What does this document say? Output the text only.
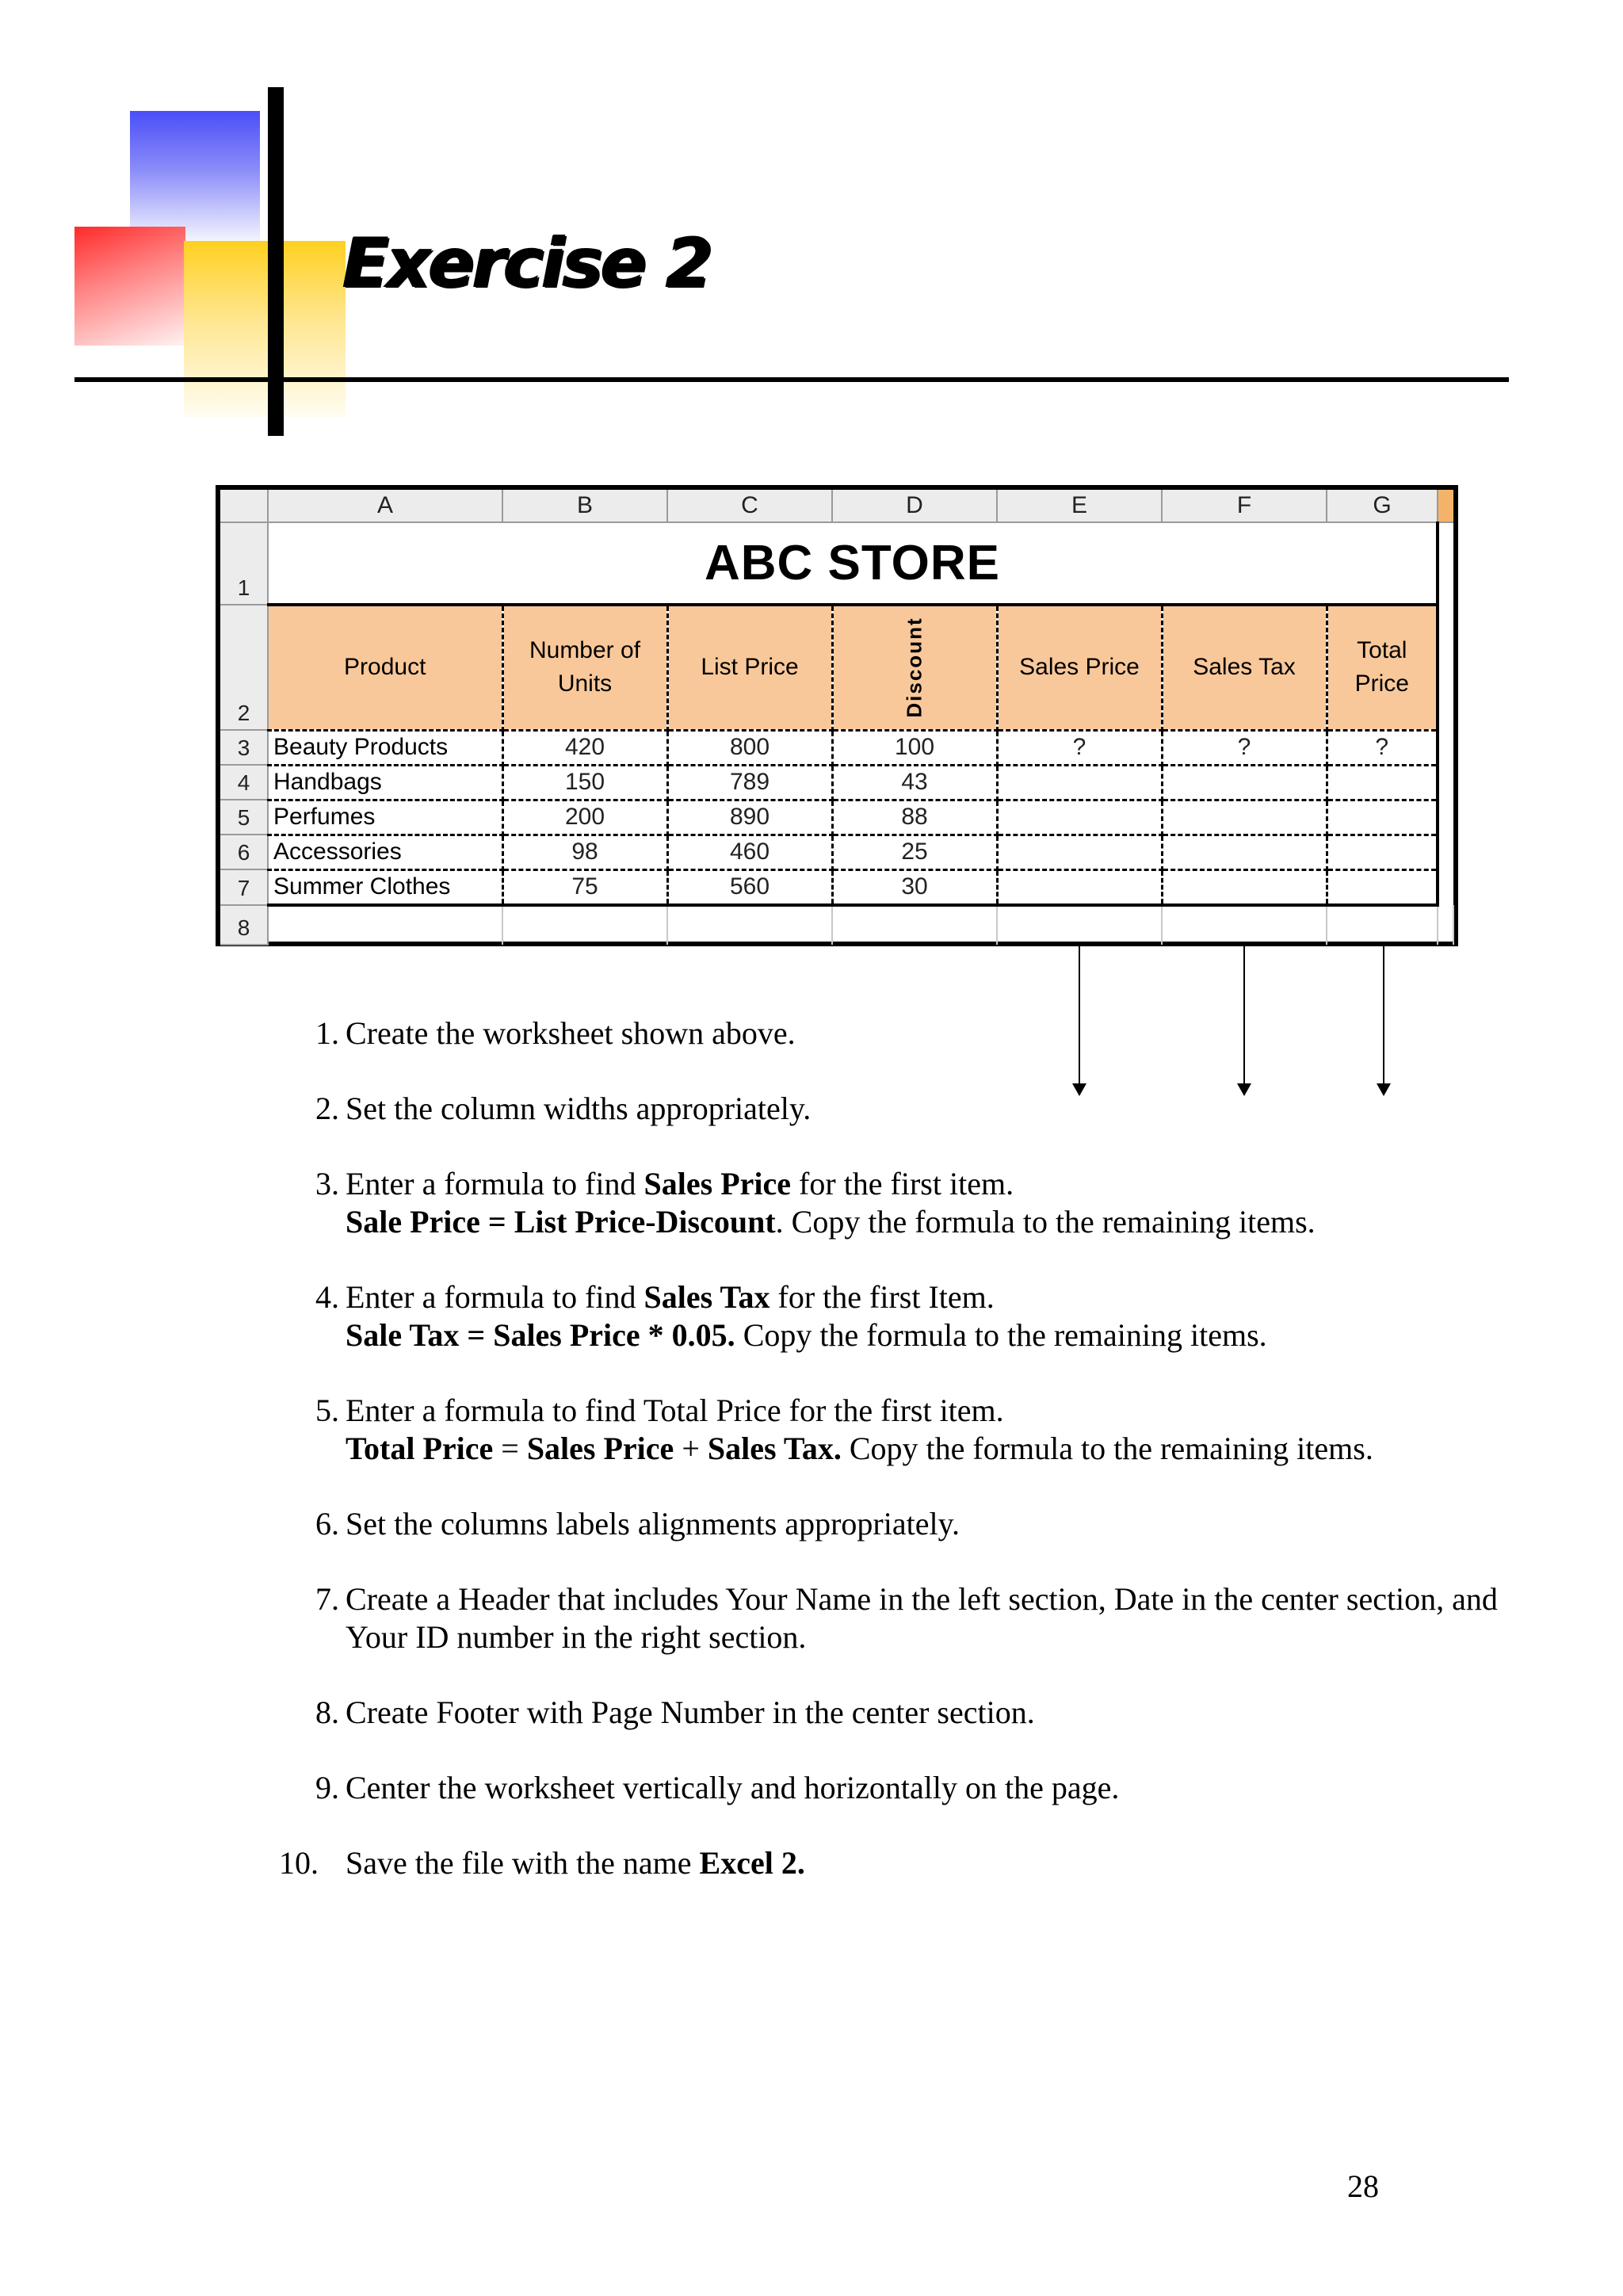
Exercise 2
	A	B	C	D	E	F	G	
1	ABC STORE							
2	Product	Number of Units	List Price	Discount	Sales Price	Sales Tax	Total Price	
3	Beauty Products	420	800	100	?	?	?	
4	Handbags	150	789	43				
5	Perfumes	200	890	88				
6	Accessories	98	460	25				
7	Summer Clothes	75	560	30				
8								
1. Create the worksheet shown above.
2. Set the column widths appropriately.
3. Enter a formula to find Sales Price for the first item.
Sale Price = List Price-Discount. Copy the formula to the remaining items.
4. Enter a formula to find Sales Tax for the first Item.
Sale Tax = Sales Price * 0.05. Copy the formula to the remaining items.
5. Enter a formula to find Total Price for the first item.
Total Price = Sales Price + Sales Tax. Copy the formula to the remaining items.
6. Set the columns labels alignments appropriately.
7. Create a Header that includes Your Name in the left section, Date in the center section, and Your ID number in the right section.
8. Create Footer with Page Number in the center section.
9. Center the worksheet vertically and horizontally on the page.
10. Save the file with the name Excel 2.
28
